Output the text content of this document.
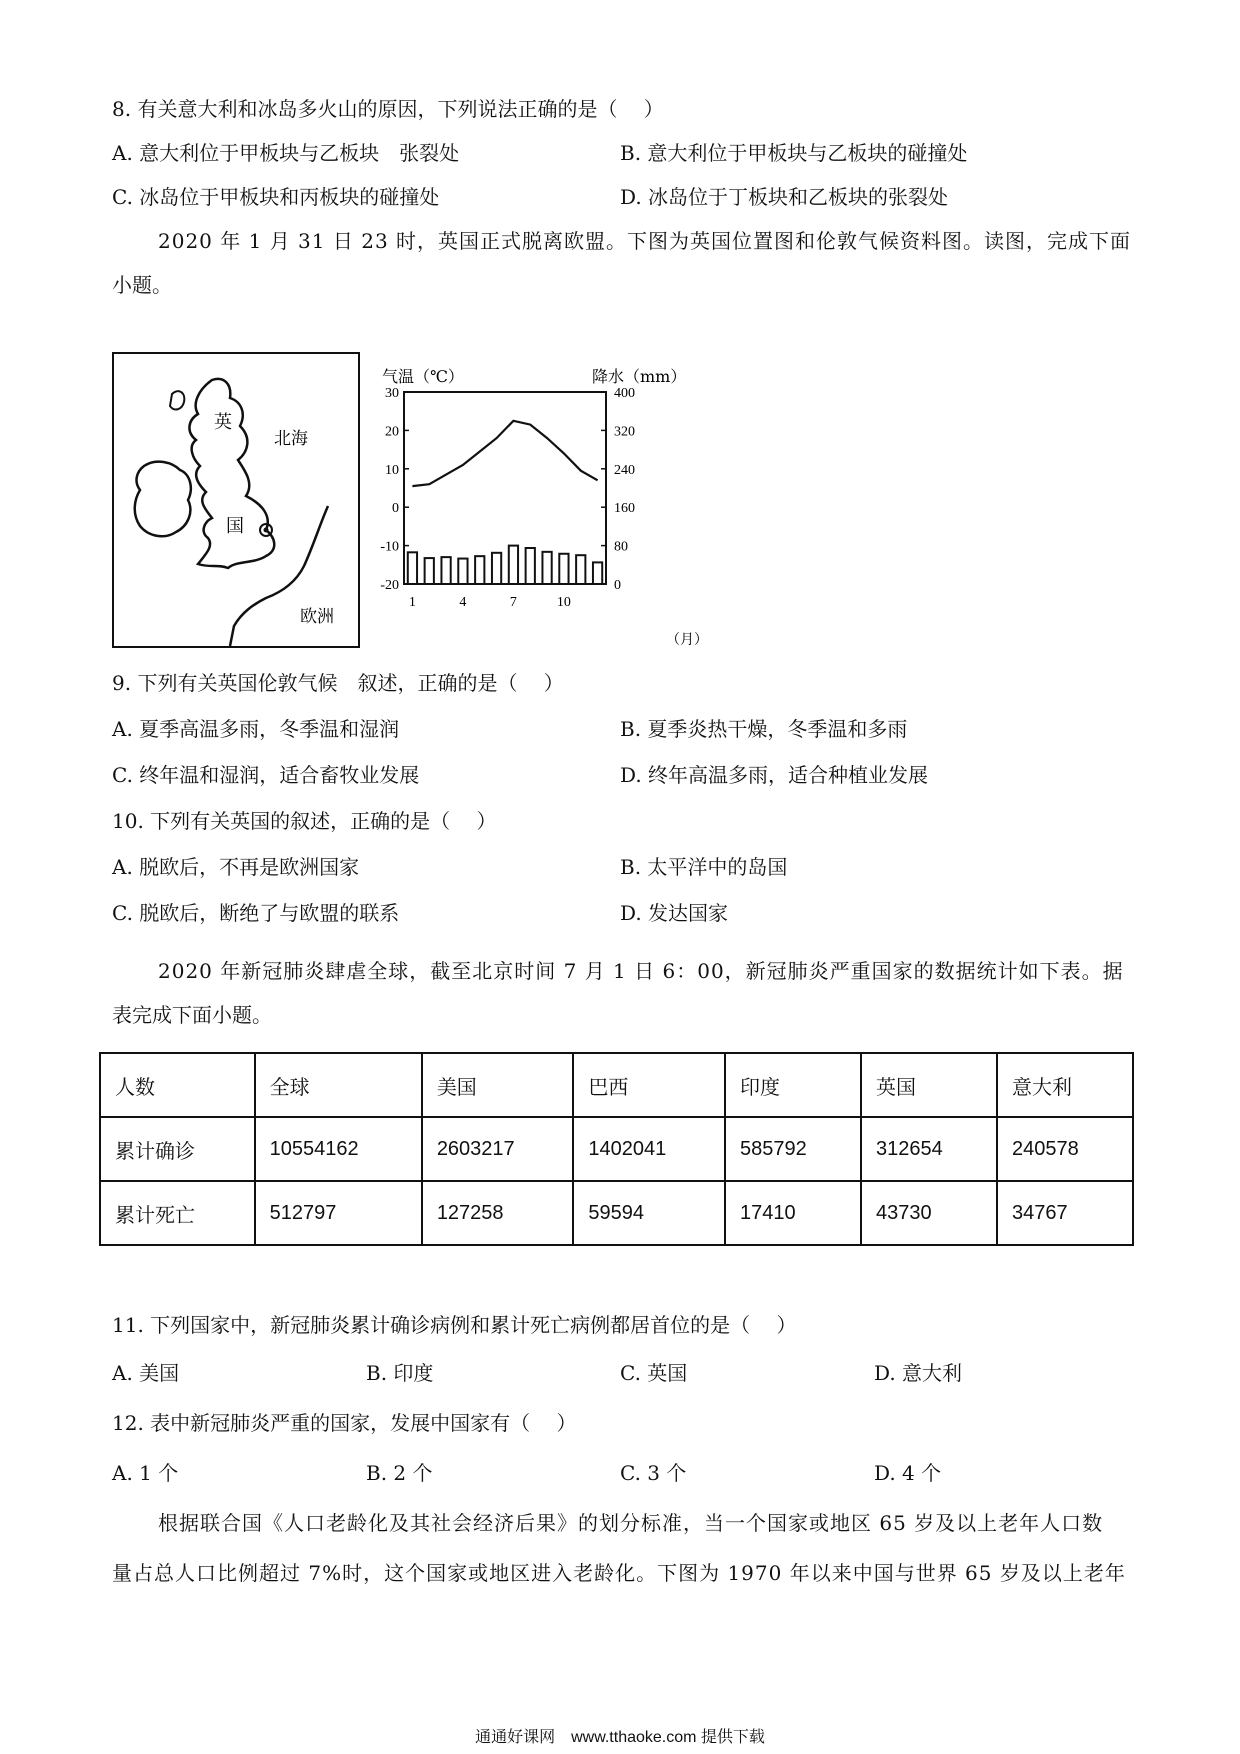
8. 有关意大利和冰岛多火山的原因，下列说法正确的是（　 ）
A. 意大利位于甲板块与乙板块　张裂处	B. 意大利位于甲板块与乙板块的碰撞处
C. 冰岛位于甲板块和丙板块的碰撞处	D. 冰岛位于丁板块和乙板块的张裂处
2020 年 1 月 31 日 23 时，英国正式脱离欧盟。下图为英国位置图和伦敦气候资料图。读图，完成下面
小题。
英
国
北海
欧洲
气温（℃）	降水（mm）
（月）
30
20
10
0
-10
-20
400
320
240
160
80
0
1	4	7	10
9. 下列有关英国伦敦气候　叙述，正确的是（　 ）
A. 夏季高温多雨，冬季温和湿润	B. 夏季炎热干燥，冬季温和多雨
C. 终年温和湿润，适合畜牧业发展	D. 终年高温多雨，适合种植业发展
10. 下列有关英国的叙述，正确的是（　 ）
A. 脱欧后，不再是欧洲国家	B. 太平洋中的岛国
C. 脱欧后，断绝了与欧盟的联系	D. 发达国家
2020 年新冠肺炎肆虐全球，截至北京时间 7 月 1 日 6：00，新冠肺炎严重国家的数据统计如下表。据
表完成下面小题。
人数	全球	美国	巴西	印度	英国	意大利
累计确诊	10554162	2603217	1402041	585792	312654	240578
累计死亡	512797	127258	59594	17410	43730	34767
11. 下列国家中，新冠肺炎累计确诊病例和累计死亡病例都居首位的是（　 ）
A. 美国	B. 印度	C. 英国	D. 意大利
12. 表中新冠肺炎严重的国家，发展中国家有（　 ）
A. 1 个	B. 2 个	C. 3 个	D. 4 个
根据联合国《人口老龄化及其社会经济后果》的划分标准，当一个国家或地区 65 岁及以上老年人口数
量占总人口比例超过 7%时，这个国家或地区进入老龄化。下图为 1970 年以来中国与世界 65 岁及以上老年
通通好课网　www.tthaoke.com 提供下载
